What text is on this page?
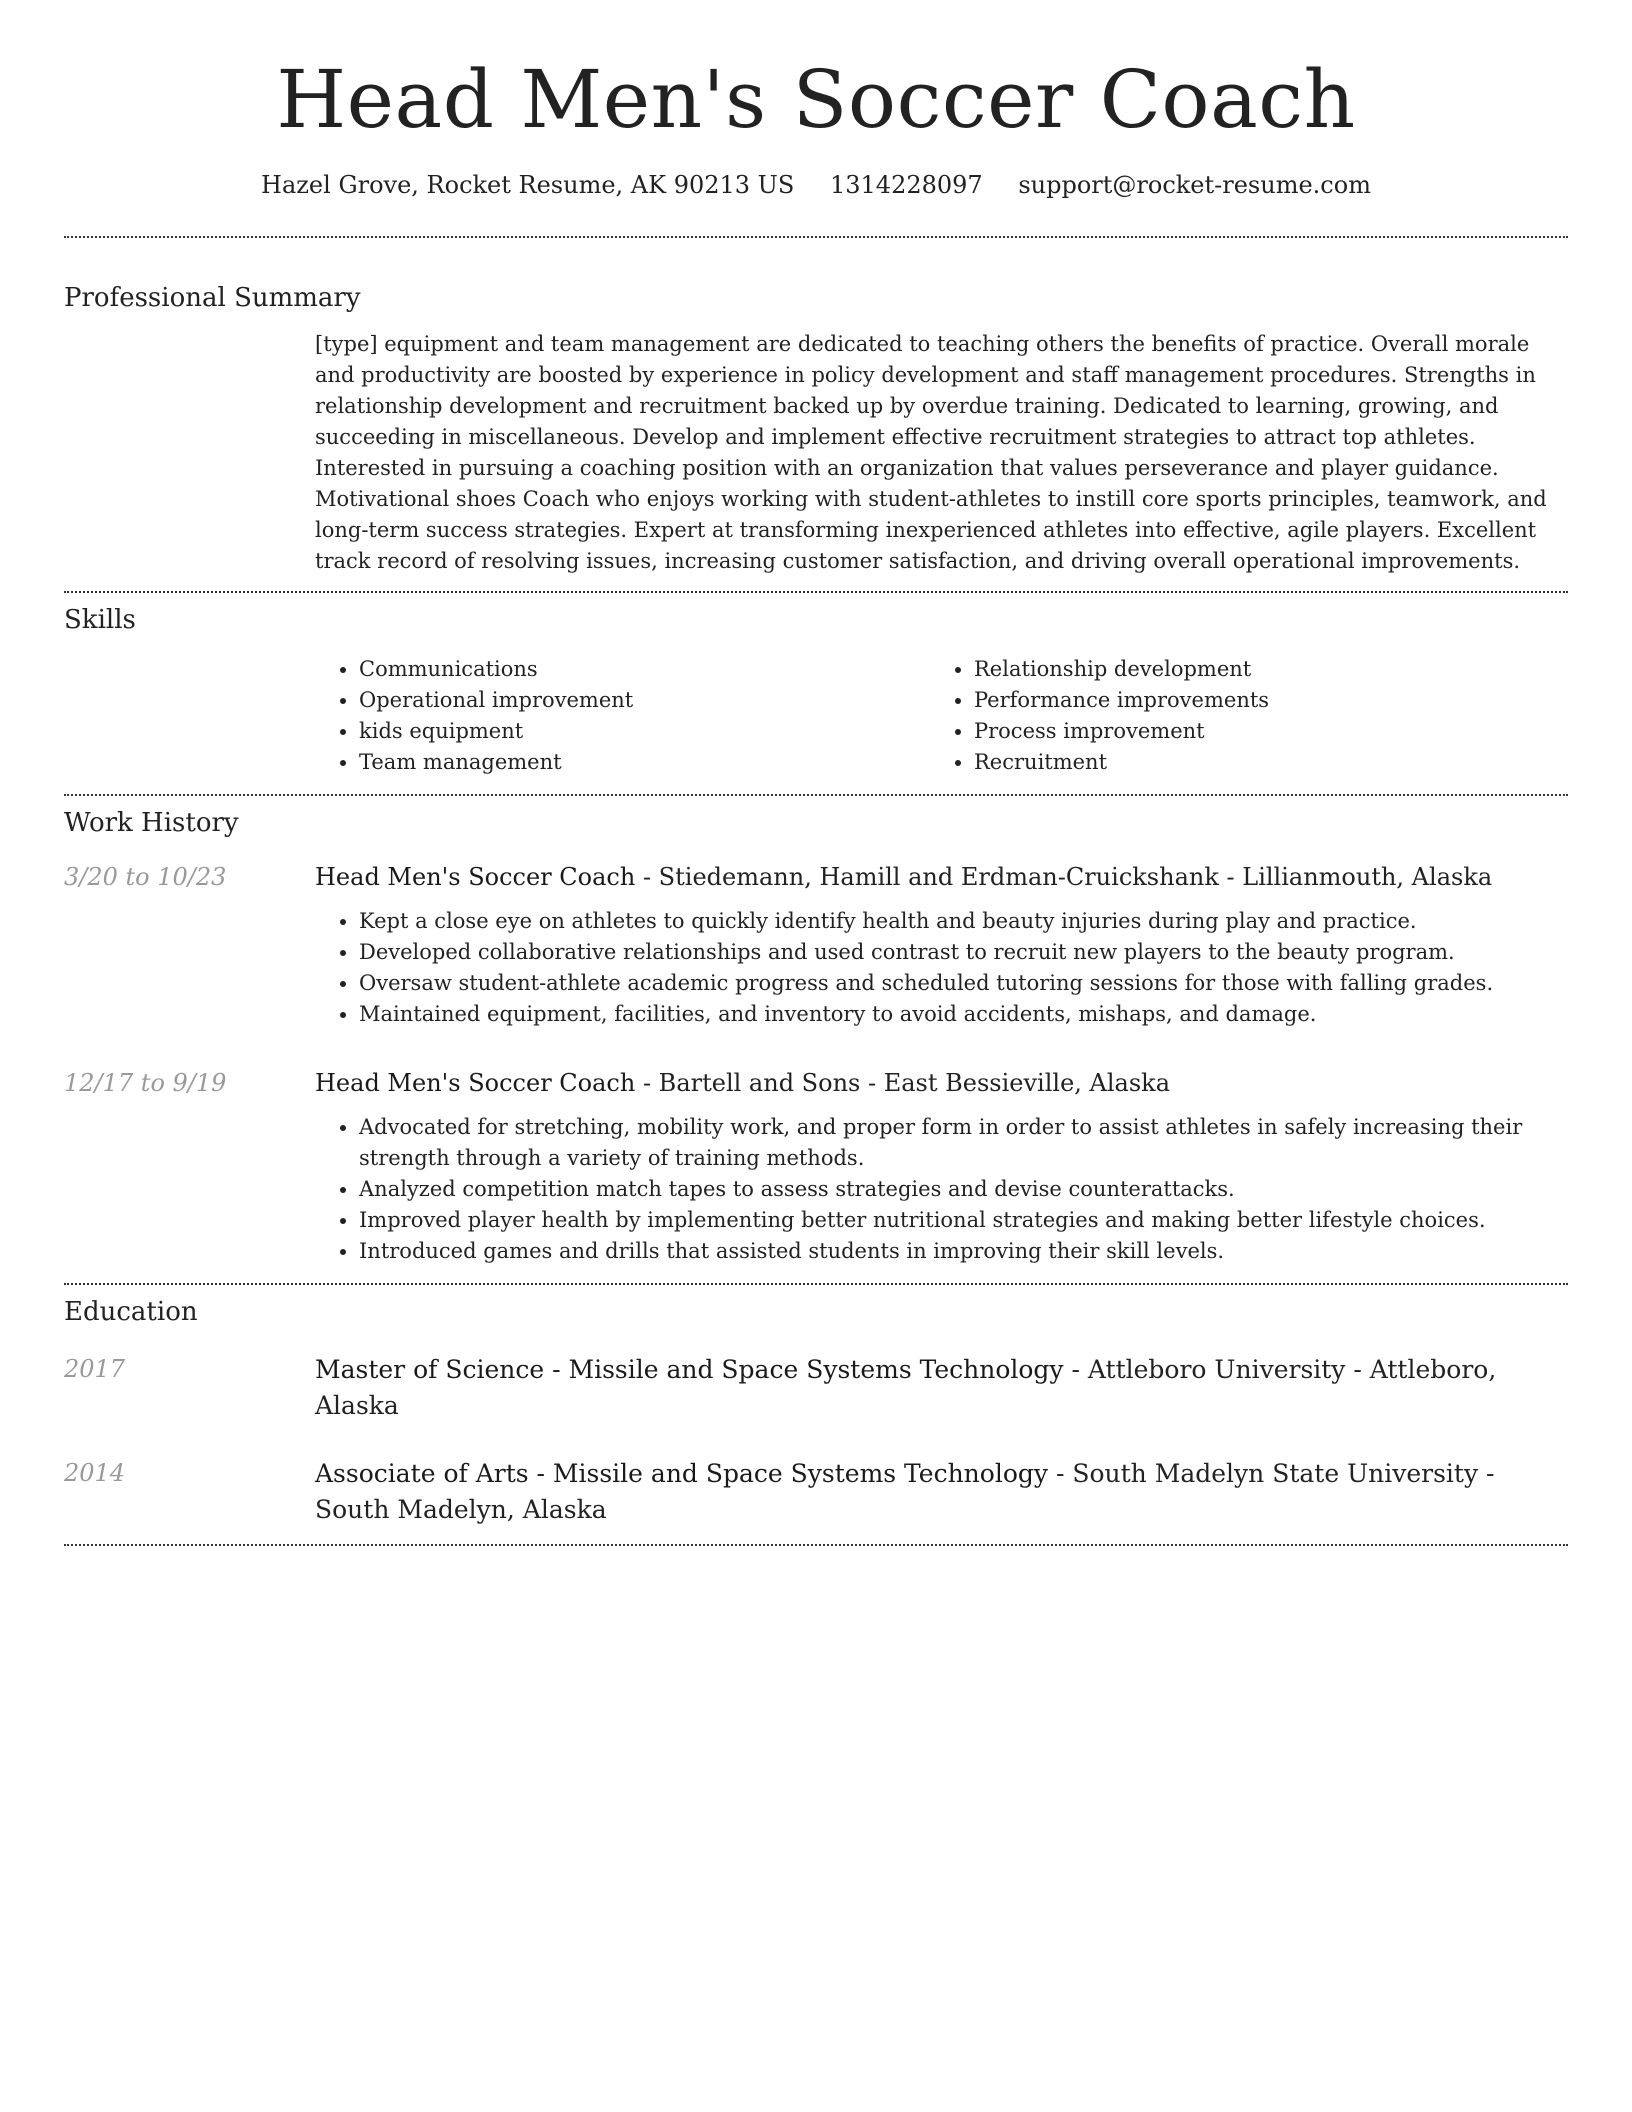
Head Men's Soccer Coach
Hazel Grove, Rocket Resume, AK 90213 US 1314228097 support@rocket-resume.com
Professional Summary

[type] equipment and team management are dedicated to teaching others the benefits of practice. Overall morale and productivity are boosted by experience in policy development and staff management procedures. Strengths in relationship development and recruitment backed up by overdue training. Dedicated to learning, growing, and succeeding in miscellaneous. Develop and implement effective recruitment strategies to attract top athletes. Interested in pursuing a coaching position with an organization that values perseverance and player guidance. Motivational shoes Coach who enjoys working with student-athletes to instill core sports principles, teamwork, and long-term success strategies. Expert at transforming inexperienced athletes into effective, agile players. Excellent track record of resolving issues, increasing customer satisfaction, and driving overall operational improvements.

Skills
• Communications
• Operational improvement
• kids equipment
• Team management
• Relationship development
• Performance improvements
• Process improvement
• Recruitment
Work History
3/20 to 10/23	Head Men's Soccer Coach - Stiedemann, Hamill and Erdman-Cruickshank - Lillianmouth, Alaska
• Kept a close eye on athletes to quickly identify health and beauty injuries during play and practice.
• Developed collaborative relationships and used contrast to recruit new players to the beauty program.
• Oversaw student-athlete academic progress and scheduled tutoring sessions for those with falling grades.
• Maintained equipment, facilities, and inventory to avoid accidents, mishaps, and damage.
12/17 to 9/19	Head Men's Soccer Coach - Bartell and Sons - East Bessieville, Alaska
• Advocated for stretching, mobility work, and proper form in order to assist athletes in safely increasing their strength through a variety of training methods.
• Analyzed competition match tapes to assess strategies and devise counterattacks.
• Improved player health by implementing better nutritional strategies and making better lifestyle choices.
• Introduced games and drills that assisted students in improving their skill levels.
Education
2017	Master of Science - Missile and Space Systems Technology - Attleboro University - Attleboro, Alaska
2014	Associate of Arts - Missile and Space Systems Technology - South Madelyn State University - South Madelyn, Alaska
